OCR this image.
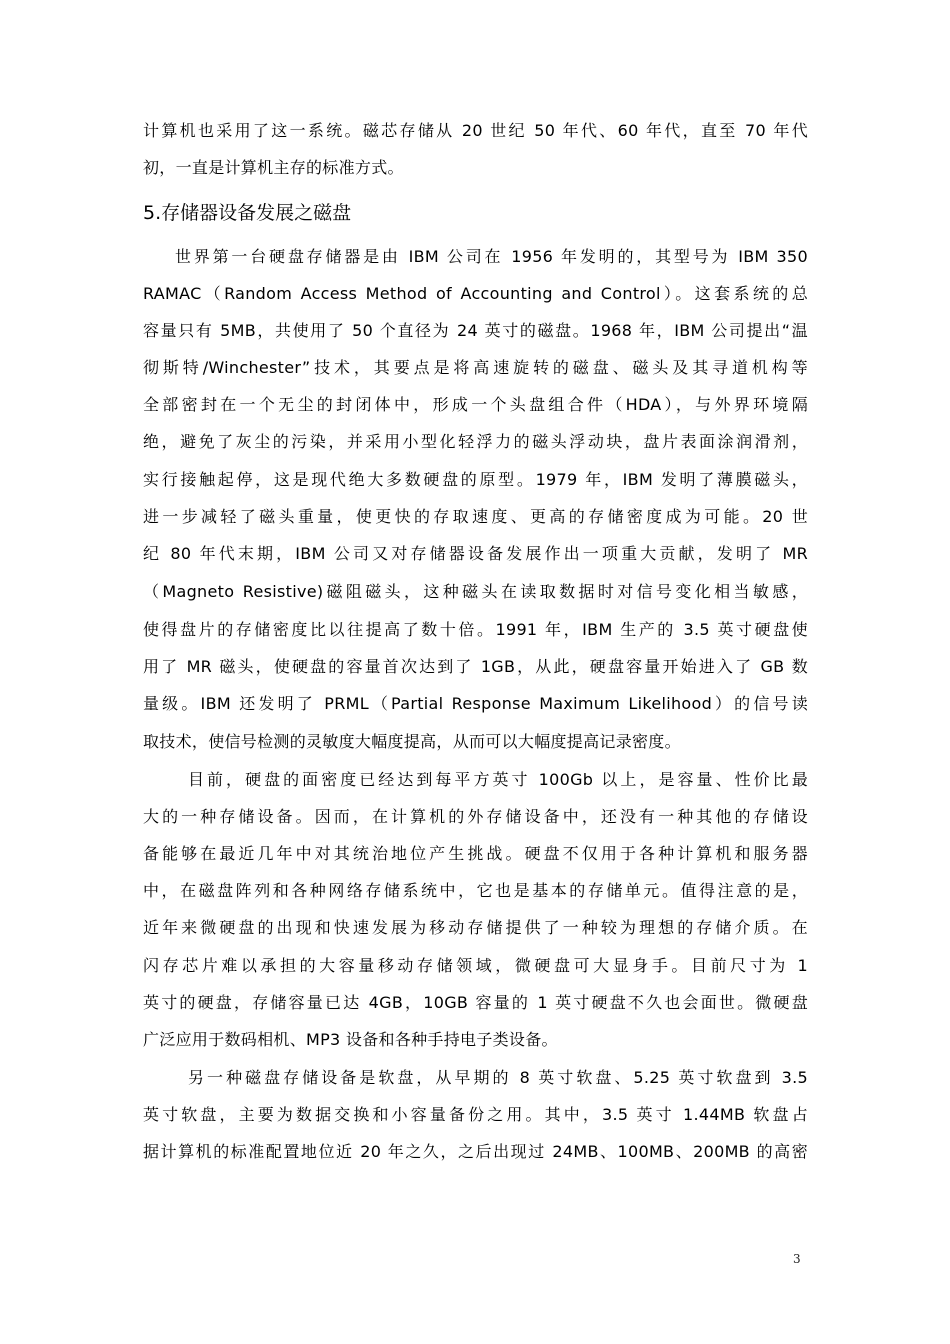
计算机也采用了这一系统。磁芯存储从 20 世纪 50 年代、60 年代，直至 70 年代
初，一直是计算机主存的标准方式。
5.存储器设备发展之磁盘
世界第一台硬盘存储器是由 IBM 公司在 1956 年发明的，其型号为 IBM 350
RAMAC（Random Access Method of Accounting and Control）。这套系统的总
容量只有 5MB，共使用了 50 个直径为 24 英寸的磁盘。1968 年，IBM 公司提出“温
彻斯特/Winchester”技术，其要点是将高速旋转的磁盘、磁头及其寻道机构等
全部密封在一个无尘的封闭体中，形成一个头盘组合件（HDA），与外界环境隔
绝，避免了灰尘的污染，并采用小型化轻浮力的磁头浮动块，盘片表面涂润滑剂，
实行接触起停，这是现代绝大多数硬盘的原型。1979 年，IBM 发明了薄膜磁头，
进一步减轻了磁头重量，使更快的存取速度、更高的存储密度成为可能。20 世
纪 80 年代末期，IBM 公司又对存储器设备发展作出一项重大贡献，发明了 MR
（Magneto Resistive)磁阻磁头，这种磁头在读取数据时对信号变化相当敏感，
使得盘片的存储密度比以往提高了数十倍。1991 年，IBM 生产的 3.5 英寸硬盘使
用了 MR 磁头，使硬盘的容量首次达到了 1GB，从此，硬盘容量开始进入了 GB 数
量级。IBM 还发明了 PRML（Partial Response Maximum Likelihood）的信号读
取技术，使信号检测的灵敏度大幅度提高，从而可以大幅度提高记录密度。
目前，硬盘的面密度已经达到每平方英寸 100Gb 以上，是容量、性价比最
大的一种存储设备。因而，在计算机的外存储设备中，还没有一种其他的存储设
备能够在最近几年中对其统治地位产生挑战。硬盘不仅用于各种计算机和服务器
中，在磁盘阵列和各种网络存储系统中，它也是基本的存储单元。值得注意的是，
近年来微硬盘的出现和快速发展为移动存储提供了一种较为理想的存储介质。在
闪存芯片难以承担的大容量移动存储领域，微硬盘可大显身手。目前尺寸为 1
英寸的硬盘，存储容量已达 4GB，10GB 容量的 1 英寸硬盘不久也会面世。微硬盘
广泛应用于数码相机、MP3 设备和各种手持电子类设备。
另一种磁盘存储设备是软盘，从早期的 8 英寸软盘、5.25 英寸软盘到 3.5
英寸软盘，主要为数据交换和小容量备份之用。其中，3.5 英寸 1.44MB 软盘占
据计算机的标准配置地位近 20 年之久，之后出现过 24MB、100MB、200MB 的高密
3
